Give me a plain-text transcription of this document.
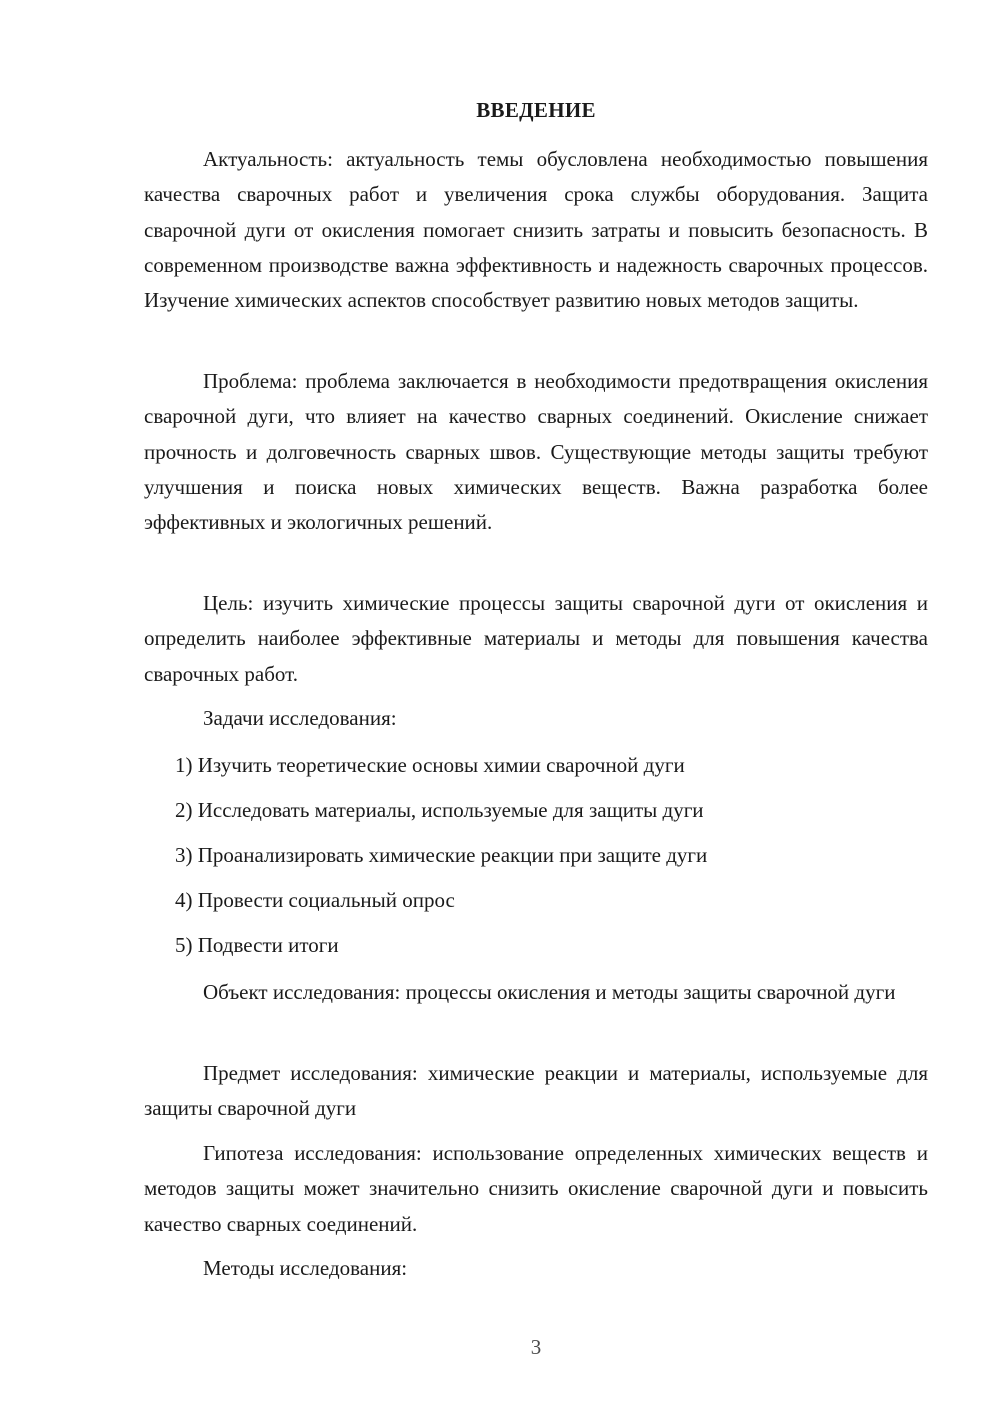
ВВЕДЕНИЕ

Актуальность: актуальность темы обусловлена необходимостью повышения качества сварочных работ и увеличения срока службы оборудования. Защита сварочной дуги от окисления помогает снизить затраты и повысить безопасность. В современном производстве важна эффективность и надежность сварочных процессов. Изучение химических аспектов способствует развитию новых методов защиты.

Проблема: проблема заключается в необходимости предотвращения окисления сварочной дуги, что влияет на качество сварных соединений. Окисление снижает прочность и долговечность сварных швов. Существующие методы защиты требуют улучшения и поиска новых химических веществ. Важна разработка более эффективных и экологичных решений.

Цель: изучить химические процессы защиты сварочной дуги от окисления и определить наиболее эффективные материалы и методы для повышения качества сварочных работ.

Задачи исследования:

1) Изучить теоретические основы химии сварочной дуги

2) Исследовать материалы, используемые для защиты дуги

3) Проанализировать химические реакции при защите дуги

4) Провести социальный опрос

5) Подвести итоги

Объект исследования: процессы окисления и методы защиты сварочной дуги

Предмет исследования: химические реакции и материалы, используемые для защиты сварочной дуги

Гипотеза исследования: использование определенных химических веществ и методов защиты может значительно снизить окисление сварочной дуги и повысить качество сварных соединений.

Методы исследования:

3
